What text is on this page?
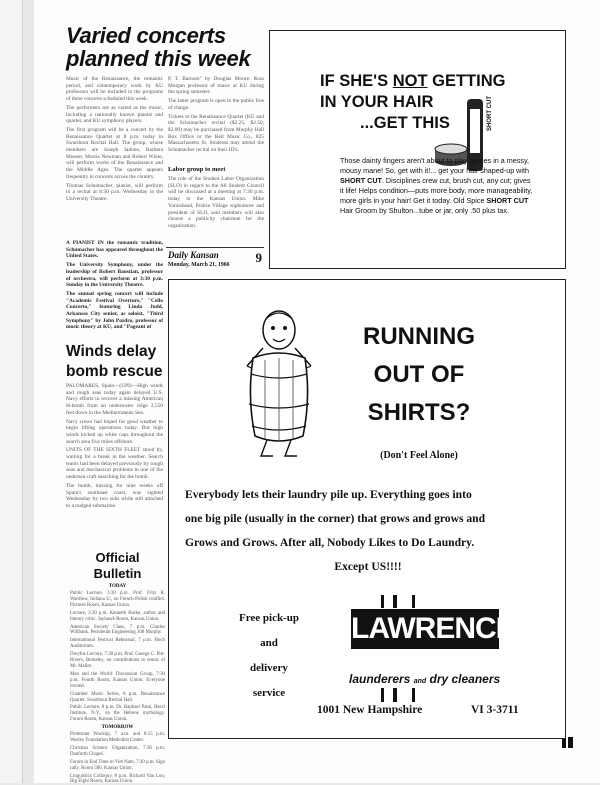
Varied concerts planned this week

Music of the Renaissance, the romantic period, and contemporary work by KU professors will be included in the programs of three concerts scheduled this week.

The performers are as varied as the music, including a nationally known pianist and quartet, and KU symphony players.

The first program will be a concert by the Renaissance Quartet at 8 p.m. today in Swarthout Recital Hall. The group, whose members are Joseph Iadone, Barbara Mueser, Morris Newman and Robert White, will perform works of the Renaissance and the Middle Ages. The quartet appears frequently in concerts across the country.

Thomas Schumacher, pianist, will perform in a recital at 8:30 p.m. Wednesday in the University Theatre.

A PIANIST IN the romantic tradition, Schumacher has appeared throughout the United States.

The University Symphony, under the leadership of Robert Baustian, professor of orchestra, will perform at 3:30 p.m. Sunday in the University Theatre.

The annual spring concert will include "Academic Festival Overture," "Cello Concerto," featuring Linda Judd, Arkansas City senior, as soloist, "Third Symphony" by John Pozdro, professor of music theory at KU, and "Pageant of

P. T. Barnum" by Douglas Moore. Ross Morgan professor of music at KU during the spring semester.

The latter program is open to the public free of charge.

Tickets to the Renaissance Quartet (KU and the Schumacher recital ($2.25, $2.50, $3.00) may be purchased from Murphy Hall Box Office or the Bell Music Co., 825 Massachusetts St. Students may attend the Schumacher recital on their ID's.

Labor group to meet

The role of the Student Labor Organization (SLO) in regard to the All Student Council will be discussed at a meeting at 7:30 p.m. today in the Kansas Union. Mike Yarnishead, Prairie Village sophomore and president of SLO, said members will also choose a publicity chairman for the organization.

Daily Kansan
Monday, March 21, 1966	9
Winds delay bomb rescue

PALOMARES, Spain—(UPI)—High winds and rough seas today again delayed U.S. Navy efforts to recover a missing American H-bomb from an underwater ridge 2,550 feet down in the Mediterranean Sea.

Navy crews had hoped for good weather to begin lifting operations today. But high winds kicked up white caps throughout the search area five miles offshore.

UNITS OF THE SIXTH FLEET stood by, waiting for a break in the weather. Search teams had been delayed previously by rough seas and mechanical problems in one of the undersea craft searching for the bomb.

The bomb, missing for nine weeks off Spain's southeast coast, was sighted Wednesday by two subs while still attached to a nudged submarine.

Official Bulletin
TODAY

Public Lecture, 3:30 p.m. Prof. Fritz R. Wardlow, Indiana U., on French-Polish conflict. Pictures Room, Kansas Union.

Lecture, 3:30 p.m. Kenneth Burke, author and literary critic. Jayhawk Room, Kansas Union.

American Society Class, 7 p.m. Charles Wiltbank. Petroleum Engineering 100 Murphy.

International Festival Rehearsal, 7 p.m. Hoch Auditorium.

Dreyfus Lecture, 7:30 p.m. Prof. George C. Pitt-Rivers, Berkeley, on contributions to tennis of Mr. Mallet.

Man and the World: Discussion Group, 7:30 p.m. Fourth Room, Kansas Union. Everyone invited.

Chamber Music Series, 8 p.m. Renaissance Quartet. Swarthout Recital Hall.

Public Lecture, 8 p.m. Dr. Raphael Patai, Herzl Institute, N.Y., on the Hebrew mythology. Forum Room, Kansas Union.

TOMORROW

Protestant Worship, 7 a.m. and 8:15 p.m. Wesley Foundation Methodist Center.

Christian Science Organization, 7:30 p.m. Danforth Chapel.

Forum in End Time in Viet Nam, 7:30 p.m. Sign rally. Room 306, Kansas Union.

Linguistics Colloquy, 8 p.m. Richard Van Loo, Big Eight Room, Kansas Union.

IF SHE'S NOT GETTING
IN YOUR HAIR
...GET THIS	SHORT CUT

Those dainty fingers aren't about to play games in a messy, mousy mane! So, get with it!... get your hair shaped-up with SHORT CUT. Disciplines crew cut, brush cut, any cut; gives it life! Helps condition—puts more body, more manageability, more girls in your hair! Get it today. Old Spice SHORT CUT Hair Groom by Shulton...tube or jar, only .50 plus tax.

RUNNING
OUT OF
SHIRTS?
(Don't Feel Alone)
Everybody lets their laundry pile up. Everything goes into
one big pile (usually in the corner) that grows and grows and
Grows and Grows. After all, Nobody Likes to Do Laundry.
Except US!!!!
Free pick-up
and
delivery
service
LAWRENCE
launderers and dry cleaners
1001 New Hampshire	VI 3-3711
